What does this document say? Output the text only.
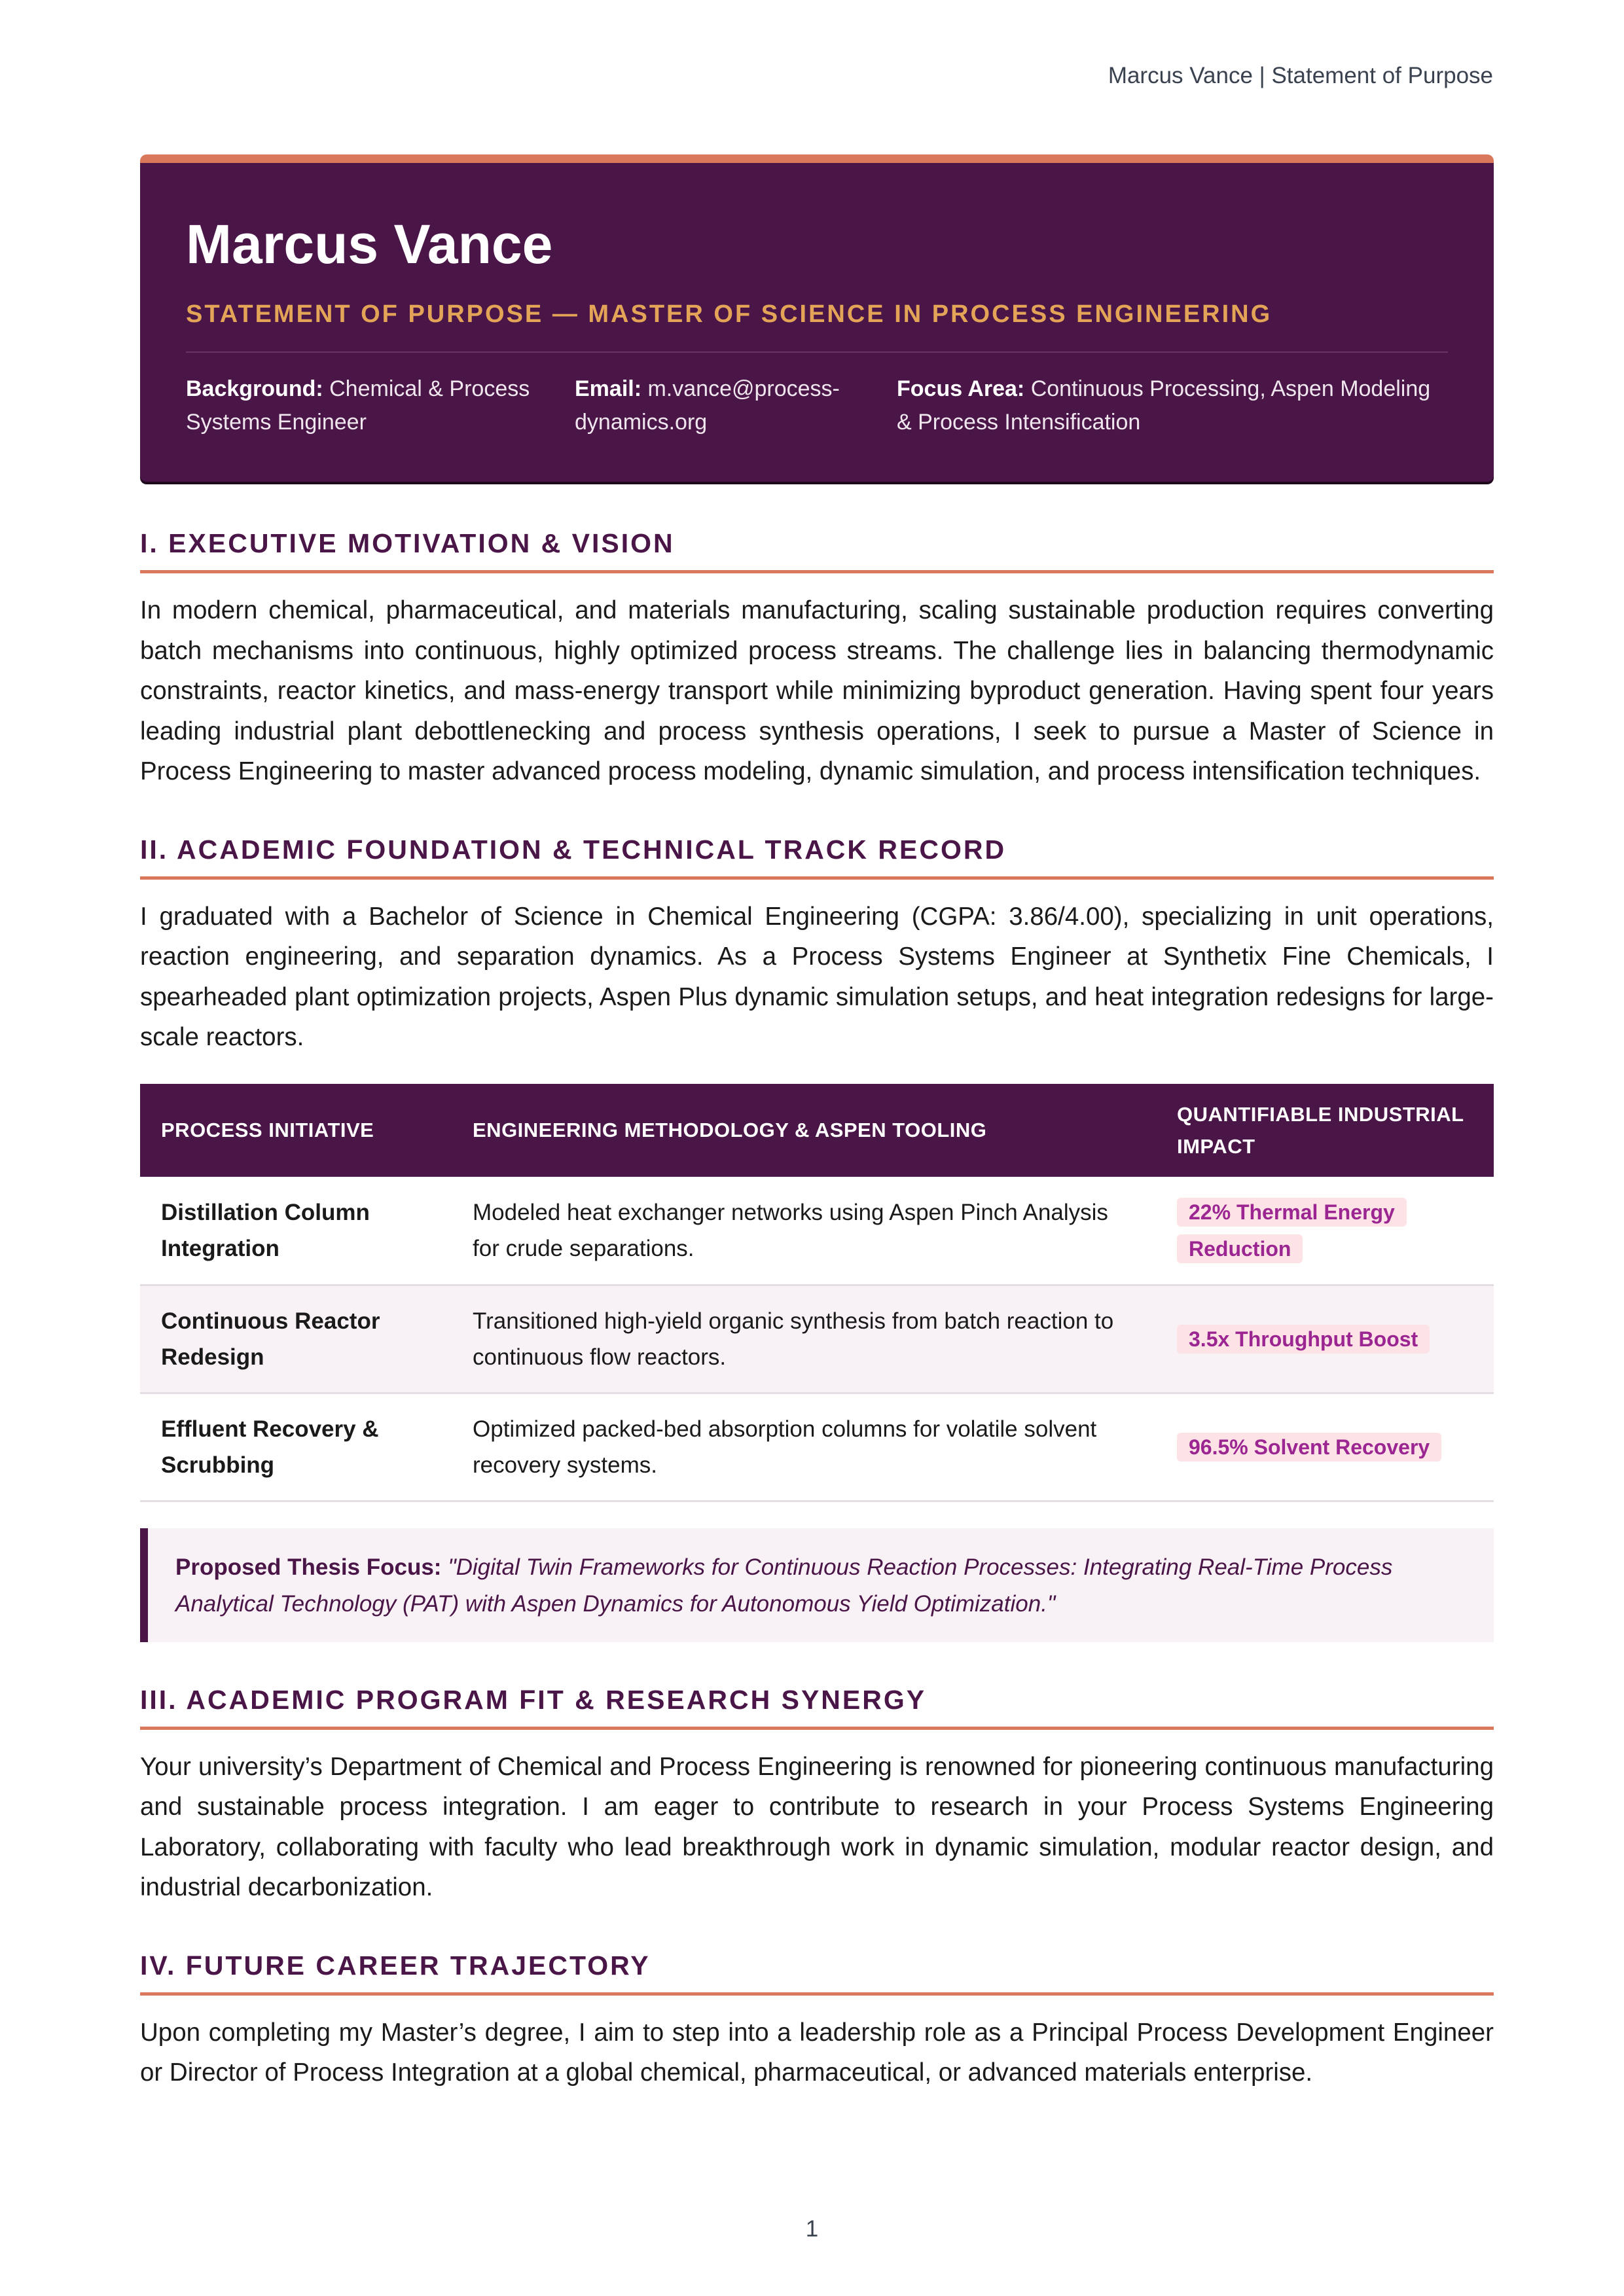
Marcus Vance | Statement of Purpose
Marcus Vance
STATEMENT OF PURPOSE — MASTER OF SCIENCE IN PROCESS ENGINEERING
Background: Chemical & Process Systems Engineer
Email: m.vance@process-dynamics.org
Focus Area: Continuous Processing, Aspen Modeling & Process Intensification
I. EXECUTIVE MOTIVATION & VISION

In modern chemical, pharmaceutical, and materials manufacturing, scaling sustainable production requires converting batch mechanisms into continuous, highly optimized process streams. The challenge lies in balancing thermodynamic constraints, reactor kinetics, and mass-energy transport while minimizing byproduct generation. Having spent four years leading industrial plant debottlenecking and process synthesis operations, I seek to pursue a Master of Science in Process Engineering to master advanced process modeling, dynamic simulation, and process intensification techniques.

II. ACADEMIC FOUNDATION & TECHNICAL TRACK RECORD

I graduated with a Bachelor of Science in Chemical Engineering (CGPA: 3.86/4.00), specializing in unit operations, reaction engineering, and separation dynamics. As a Process Systems Engineer at Synthetix Fine Chemicals, I spearheaded plant optimization projects, Aspen Plus dynamic simulation setups, and heat integration redesigns for large-scale reactors.

PROCESS INITIATIVE	ENGINEERING METHODOLOGY & ASPEN TOOLING	QUANTIFIABLE INDUSTRIAL IMPACT
Distillation Column Integration	Modeled heat exchanger networks using Aspen Pinch Analysis for crude separations.	22% Thermal Energy Reduction
Continuous Reactor Redesign	Transitioned high-yield organic synthesis from batch reaction to continuous flow reactors.	3.5x Throughput Boost
Effluent Recovery & Scrubbing	Optimized packed-bed absorption columns for volatile solvent recovery systems.	96.5% Solvent Recovery
Proposed Thesis Focus: "Digital Twin Frameworks for Continuous Reaction Processes: Integrating Real-Time Process Analytical Technology (PAT) with Aspen Dynamics for Autonomous Yield Optimization."
III. ACADEMIC PROGRAM FIT & RESEARCH SYNERGY

Your university’s Department of Chemical and Process Engineering is renowned for pioneering continuous manufacturing and sustainable process integration. I am eager to contribute to research in your Process Systems Engineering Laboratory, collaborating with faculty who lead breakthrough work in dynamic simulation, modular reactor design, and industrial decarbonization.

IV. FUTURE CAREER TRAJECTORY

Upon completing my Master’s degree, I aim to step into a leadership role as a Principal Process Development Engineer or Director of Process Integration at a global chemical, pharmaceutical, or advanced materials enterprise.

1
